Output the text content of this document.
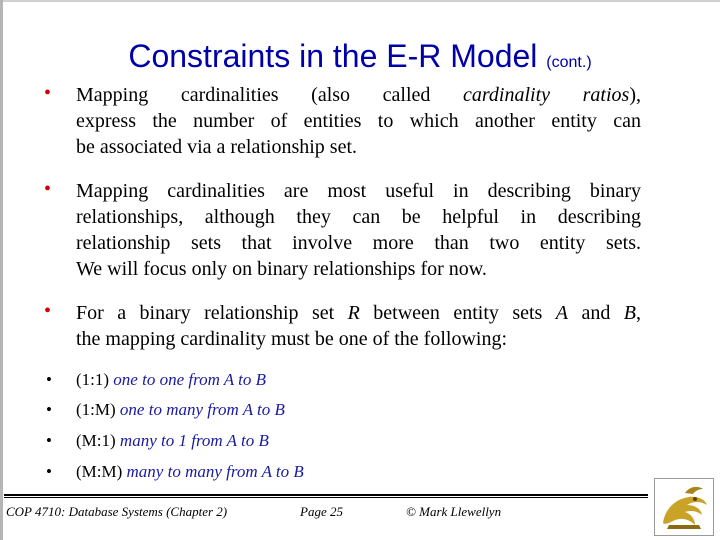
Constraints in the E-R Model (cont.)
• Mapping cardinalities (also called cardinality ratios),
express the number of entities to which another entity can
be associated via a relationship set.
• Mapping cardinalities are most useful in describing binary
relationships, although they can be helpful in describing
relationship sets that involve more than two entity sets.
We will focus only on binary relationships for now.
• For a binary relationship set R between entity sets A and B,
the mapping cardinality must be one of the following:
• (1:1) one to one from A to B
• (1:M) one to many from A to B
• (M:1) many to 1 from A to B
• (M:M) many to many from A to B
COP 4710: Database Systems (Chapter 2)	Page 25	© Mark Llewellyn
